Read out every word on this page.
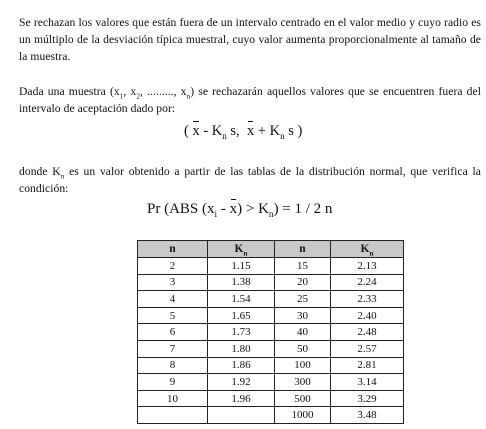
Se rechazan los valores que están fuera de un intervalo centrado en el valor medio y cuyo radio es un múltiplo de la desviación típica muestral, cuyo valor aumenta proporcionalmente al tamaño de la muestra.

Dada una muestra ($x_1$, $x_2$, ........., $x_n$) se rechazarán aquellos valores que se encuentren fuera del intervalo de aceptación dado por:

( x - $K_n$ s,  $x + K_n$ s )

donde $K_n$ es un valor obtenido a partir de las tablas de la distribución normal, que verifica la condición:

Pr (ABS $(x_i - x) > K_n) = 1 / 2$ n
n	$K_n$	n	$K_n$
2	1.15	15	2.13
3	1.38	20	2.24
4	1.54	25	2.33
5	1.65	30	2.40
6	1.73	40	2.48
7	1.80	50	2.57
8	1.86	100	2.81
9	1.92	300	3.14
10	1.96	500	3.29
		1000	3.48
